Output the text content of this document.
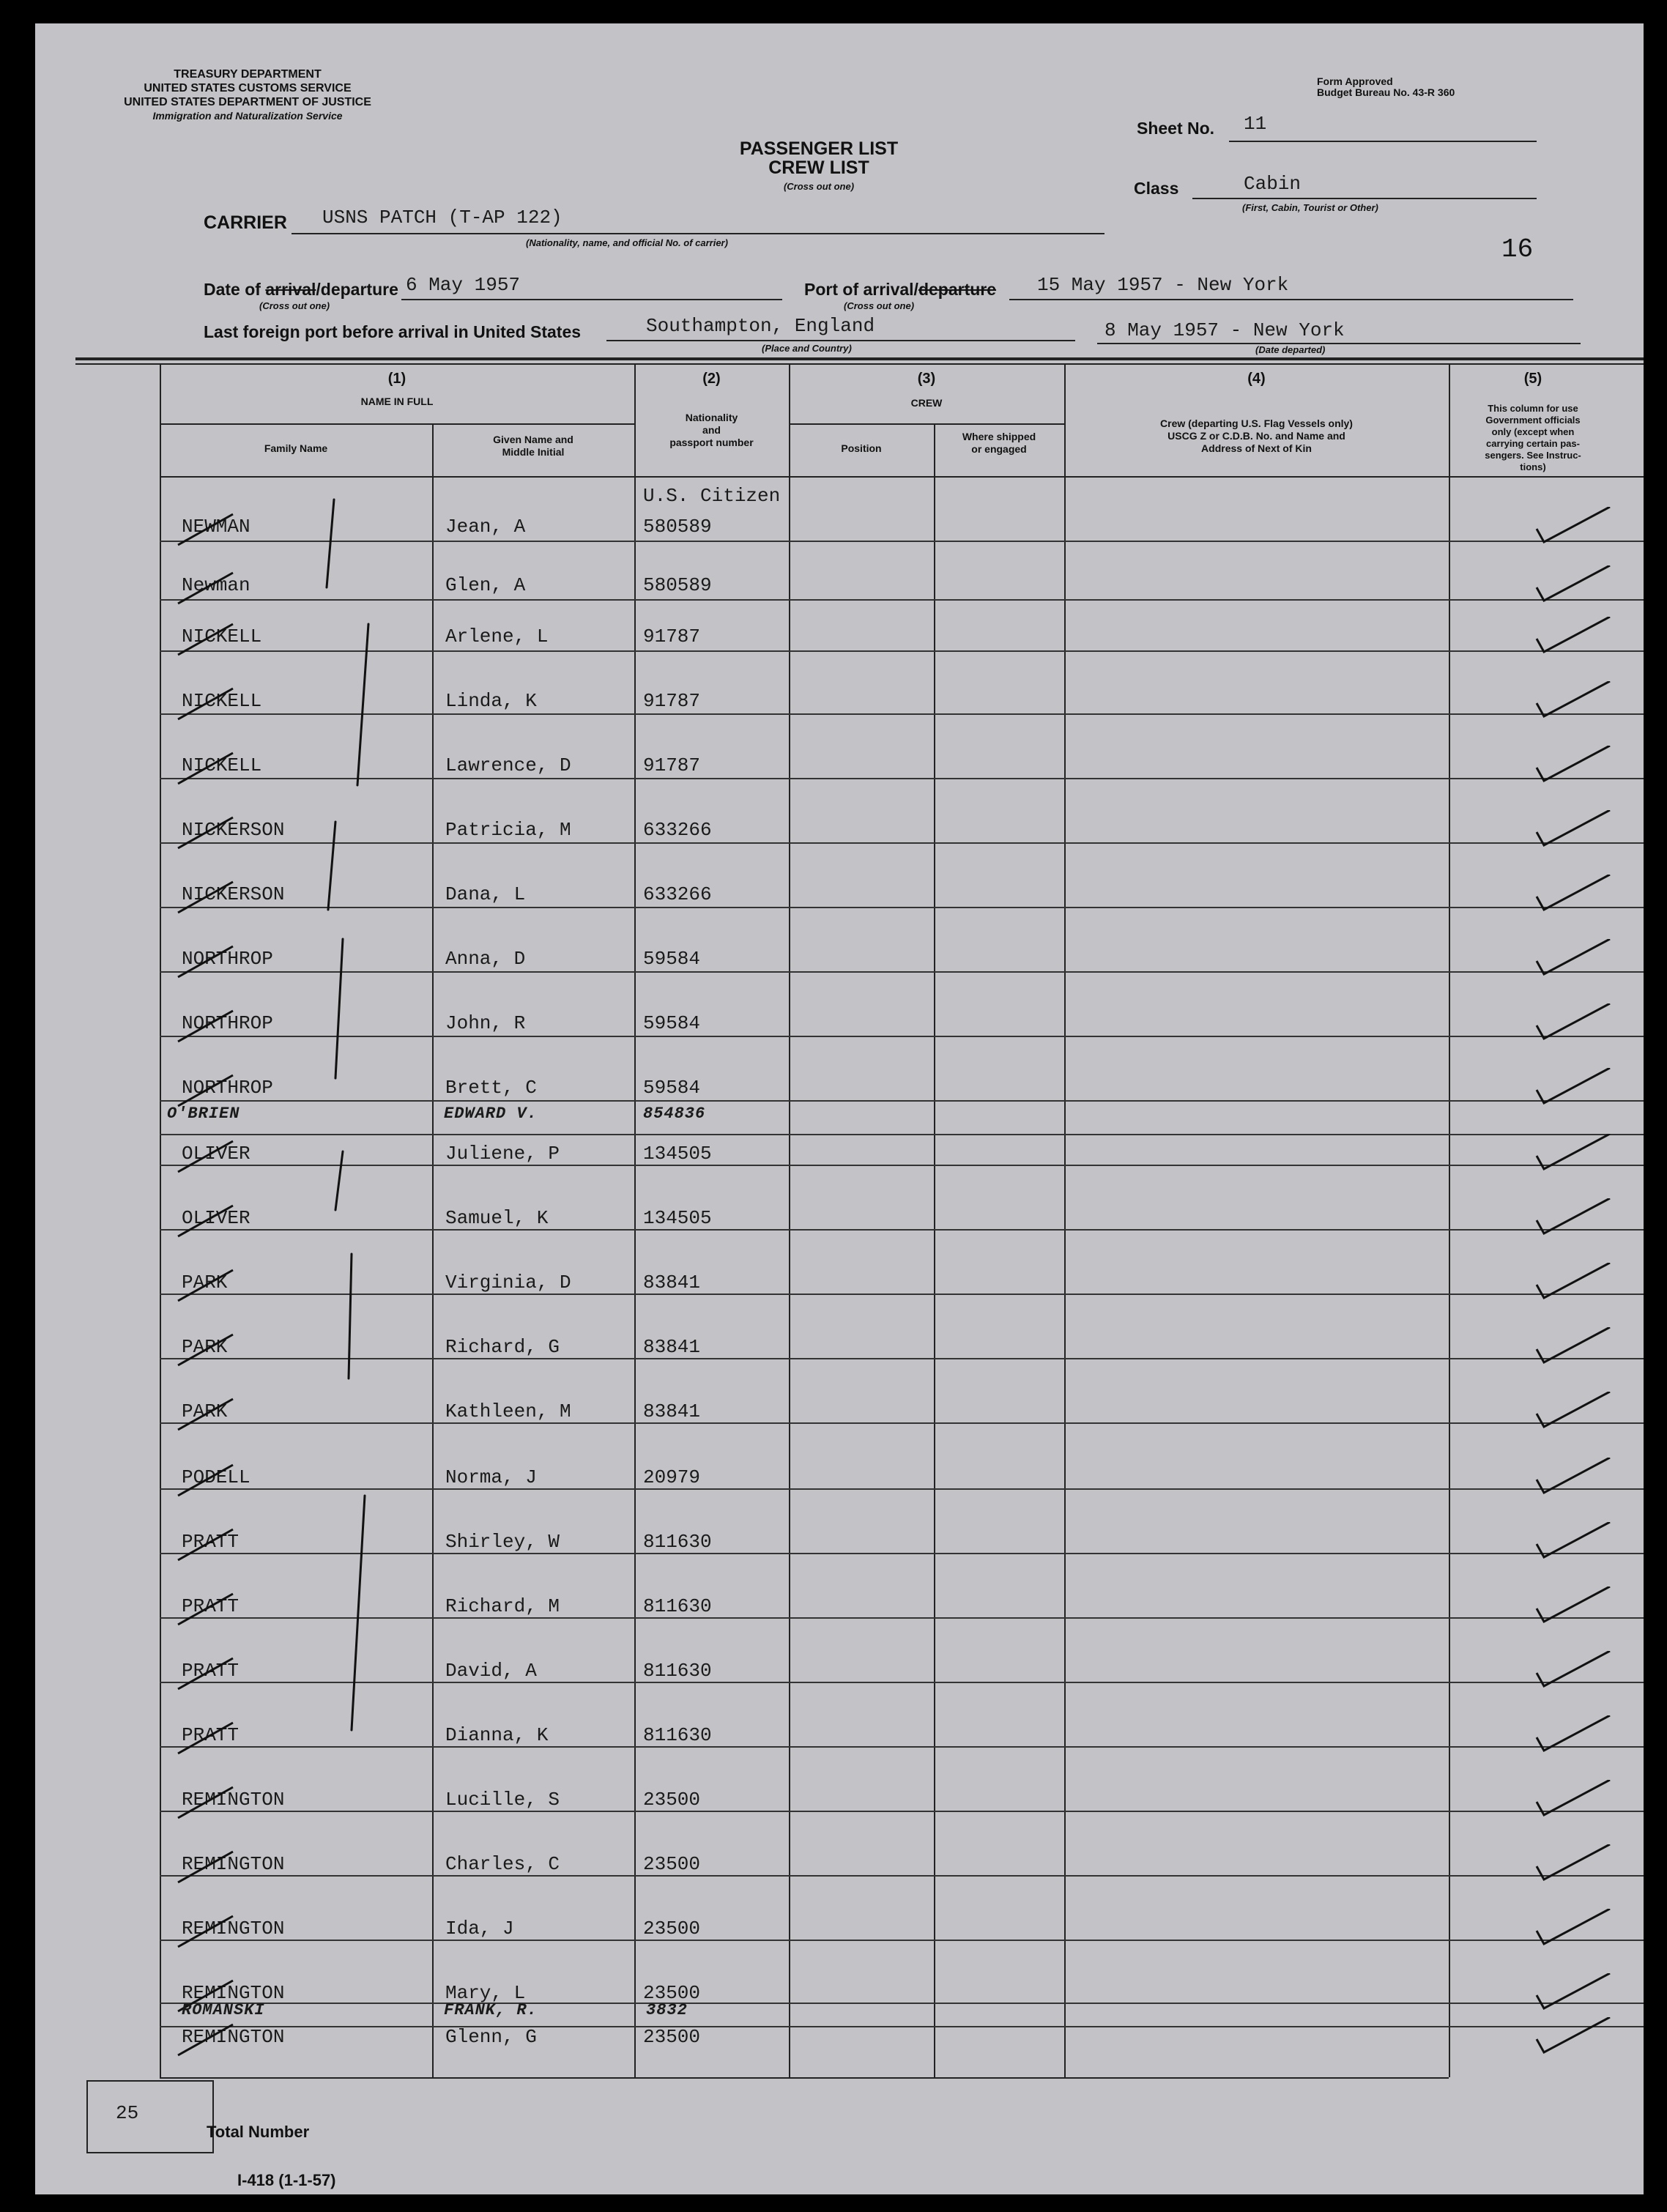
TREASURY DEPARTMENT
UNITED STATES CUSTOMS SERVICE
UNITED STATES DEPARTMENT OF JUSTICE
Immigration and Naturalization Service
Form Approved
Budget Bureau No. 43-R 360
PASSENGER LIST
CREW LIST
(Cross out one)
Sheet No. 11
Class	Cabin
(First, Cabin, Tourist or Other)
16
CARRIER USNS PATCH (T-AP 122)
(Nationality, name, and official No. of carrier)
Date of arrival/departure
(Cross out one)
6 May 1957	Port of arrival/departure
(Cross out one)
15 May 1957 - New York
Last foreign port before arrival in United States	Southampton, England
(Place and Country)
8 May 1957 - New York
(Date departed)
(1)
NAME IN FULL
Family Name
Given Name and
Middle Initial
(2)
Nationality
and
passport number
(3)
CREW
Position
Where shipped
or engaged
(4)
Crew (departing U.S. Flag Vessels only)
USCG Z or C.D.B. No. and Name and
Address of Next of Kin
(5)
This column for use
Government officials
only (except when
carrying certain pas-
sengers. See Instruc-
tions)
U.S. Citizen
NEWMAN	Jean, A	580589
Newman	Glen, A	580589
NICKELL	Arlene, L	91787
NICKELL	Linda, K	91787
NICKELL	Lawrence, D	91787
NICKERSON	Patricia, M	633266
NICKERSON	Dana, L	633266
NORTHROP	Anna, D	59584
NORTHROP	John, R	59584
NORTHROP	Brett, C	59584
OLIVER	Juliene, P	134505
OLIVER	Samuel, K	134505
PARK	Virginia, D	83841
PARK	Richard, G	83841
PARK	Kathleen, M	83841
PODELL	Norma, J	20979
PRATT	Shirley, W	811630
PRATT	Richard, M	811630
PRATT	David, A	811630
PRATT	Dianna, K	811630
REMINGTON	Lucille, S	23500
REMINGTON	Charles, C	23500
REMINGTON	Ida, J	23500
REMINGTON	Mary, L	23500
REMINGTON	Glenn, G	23500
O'BRIEN	EDWARD V.	854836
ROMANSKI	FRANK, R.	3832
25
Total Number
I-418 (1-1-57)
